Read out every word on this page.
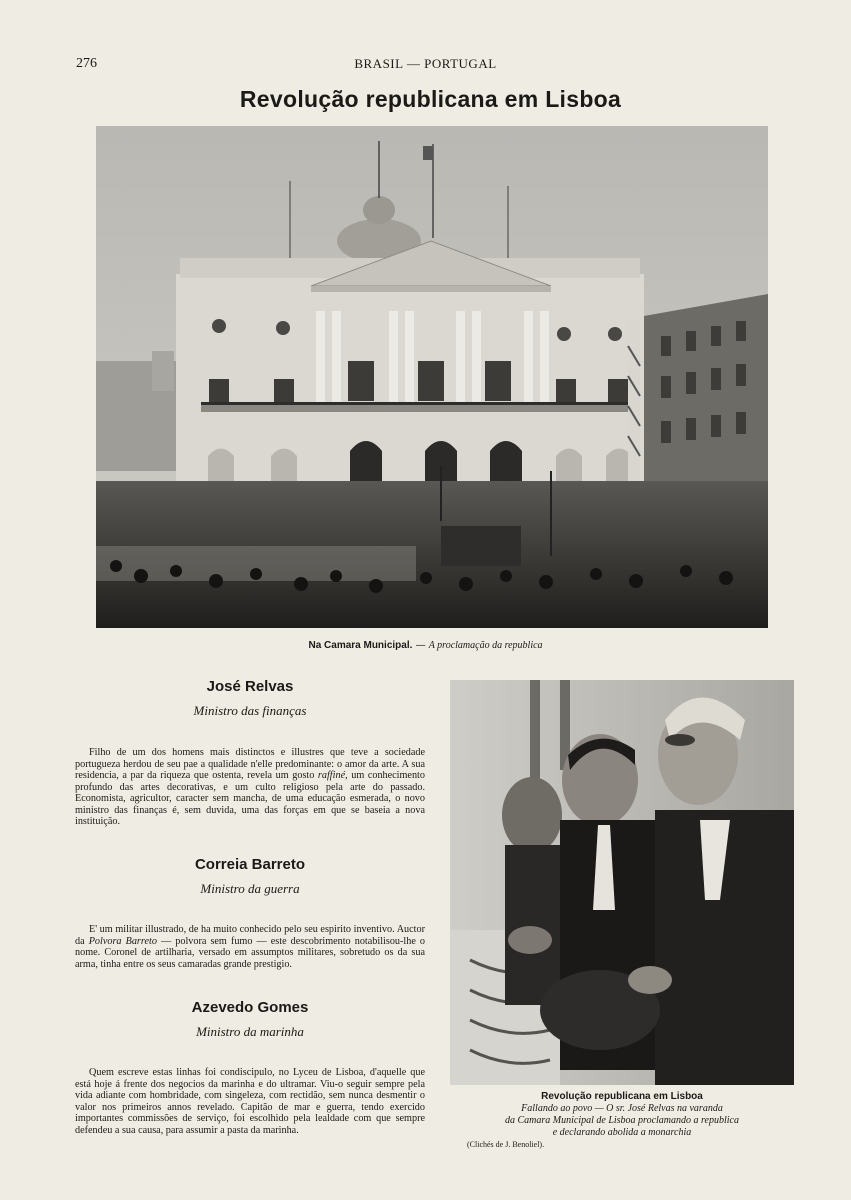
276	BRASIL — PORTUGAL
Revolução republicana em Lisboa
Na Camara Municipal. — A proclamação da republica
José Relvas
Ministro das finanças

Filho de um dos homens mais distinctos e illustres que teve a sociedade portugueza herdou de seu pae a qualidade n'elle predominante: o amor da arte. A sua residencia, a par da riqueza que ostenta, revela um gosto raffiné, um conhecimento profundo das artes decorativas, e um culto religioso pela arte do passado. Economista, agricultor, caracter sem mancha, de uma educação esmerada, o novo ministro das finanças é, sem duvida, uma das forças em que se baseia a nova instituição.

Correia Barreto
Ministro da guerra

E' um militar illustrado, de ha muito conhecido pelo seu espirito inventivo. Auctor da Polvora Barreto — polvora sem fumo — este descobrimento notabilisou-lhe o nome. Coronel de artilharia, versado em assumptos militares, sobretudo os da sua arma, tinha entre os seus camaradas grande prestigio.

Azevedo Gomes
Ministro da marinha

Quem escreve estas linhas foi condiscipulo, no Lyceu de Lisboa, d'aquelle que está hoje á frente dos negocios da marinha e do ultramar. Viu-o seguir sempre pela vida adiante com hombridade, com singeleza, com rectidão, sem nunca desmentir o valor nos primeiros annos revelado. Capitão de mar e guerra, tendo exercido importantes commissões de serviço, foi escolhido pela lealdade com que sempre defendeu a sua causa, para assumir a pasta da marinha.

Revolução republicana em Lisboa
Fallando ao povo — O sr. José Relvas na varanda
da Camara Municipal de Lisboa proclamando a republica
e declarando abolida a monarchia
(Clichés de J. Benoliel).
